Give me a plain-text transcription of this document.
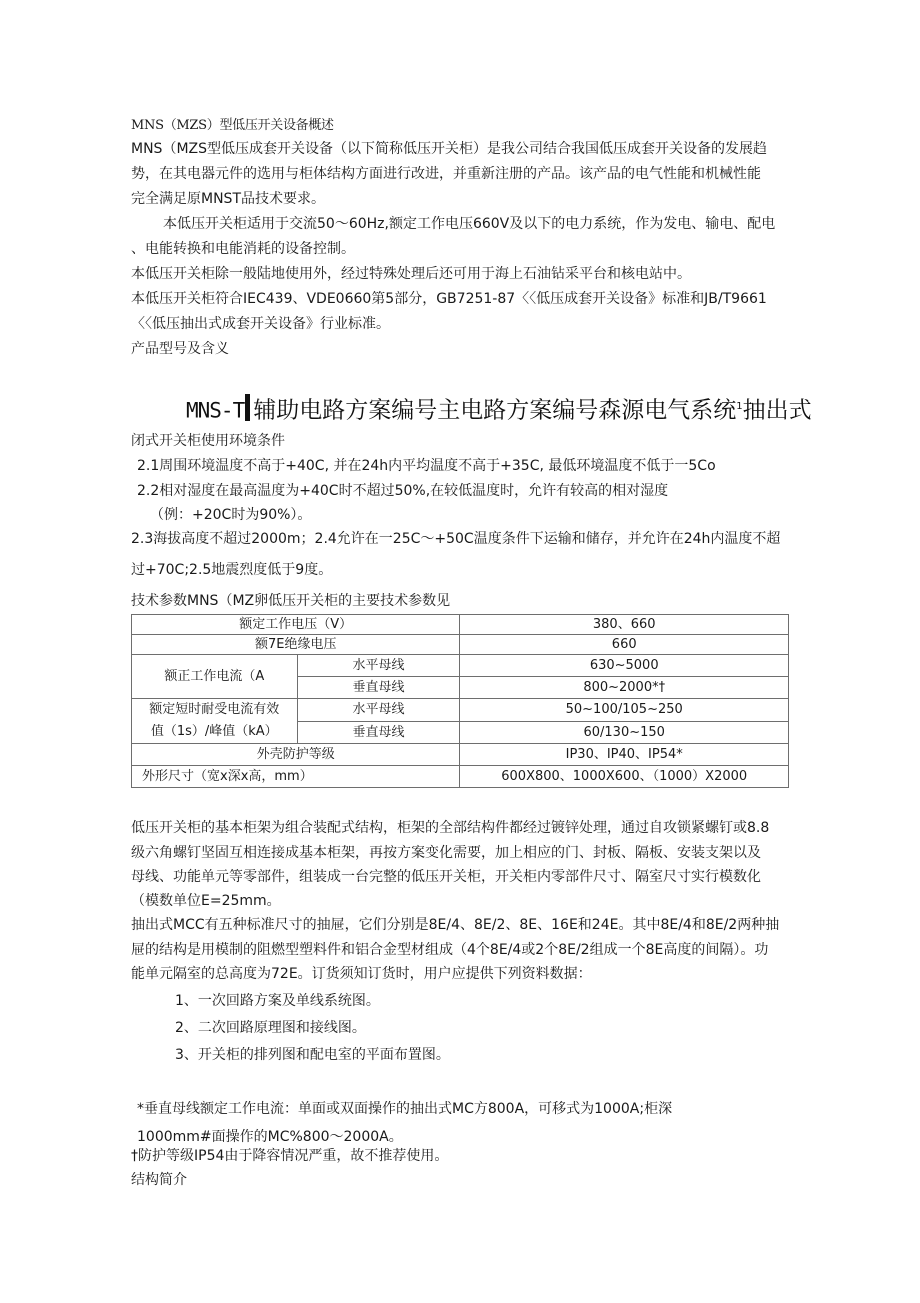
MNS（MZS）型低压开关设备概述
MNS（MZS型低压成套开关设备（以下简称低压开关柜）是我公司结合我国低压成套开关设备的发展趋
势，在其电器元件的选用与柜体结构方面进行改进，并重新注册的产品。该产品的电气性能和机械性能
完全满足原MNST品技术要求。
本低压开关柜适用于交流50～60Hz,额定工作电压660V及以下的电力系统，作为发电、输电、配电
、电能转换和电能消耗的设备控制。
本低压开关柜除一般陆地使用外，经过特殊处理后还可用于海上石油钻采平台和核电站中。
本低压开关柜符合IEC439、VDE0660第5部分，GB7251-87〈〈低压成套开关设备》标准和JB/T9661
〈〈低压抽出式成套开关设备》行业标准。
产品型号及含义
MNS-T 辅助电路方案编号主电路方案编号森源电气系统$^1$抽出式
闭式开关柜使用环境条件
2.1周围环境温度不高于+40C, 并在24h内平均温度不高于+35C, 最低环境温度不低于一5Co
2.2相对湿度在最高温度为+40C时不超过50%,在较低温度时，允许有较高的相对湿度
（例：+20C时为90%）。
2.3海拔高度不超过2000m；2.4允许在一25C～+50C温度条件下运输和储存，并允许在24h内温度不超
过+70C;2.5地震烈度低于9度。
技术参数MNS（MZ卵低压开关柜的主要技术参数见
额定工作电压（V）		380、660
额7E绝缘电压		660
额正工作电流（A	水平母线	630~5000
	垂直母线	800~2000*†

额定短时耐受电流有效
值（1s）/峰值（kA）	水平母线	50~100/105~250
	垂直母线	60/130~150
外壳防护等级		IP30、IP40、IP54*
外形尺寸（宽x深x高，mm）		600X800、1000X600、（1000）X2000
低压开关柜的基本柜架为组合装配式结构，柜架的全部结构件都经过镀锌处理，通过自攻锁紧螺钉或8.8
级六角螺钉坚固互相连接成基本柜架，再按方案变化需要，加上相应的门、封板、隔板、安装支架以及
母线、功能单元等零部件，组装成一台完整的低压开关柜，开关柜内零部件尺寸、隔室尺寸实行模数化
（模数单位E=25mm。
抽出式MCC有五种标准尺寸的抽屉，它们分别是8E/4、8E/2、8E、16E和24E。其中8E/4和8E/2两种抽
屉的结构是用模制的阻燃型塑料件和铝合金型材组成（4个8E/4或2个8E/2组成一个8E高度的间隔）。功
能单元隔室的总高度为72E。订货须知订货时，用户应提供下列资料数据：
1、一次回路方案及单线系统图。
2、二次回路原理图和接线图。
3、开关柜的排列图和配电室的平面布置图。
*垂直母线额定工作电流：单面或双面操作的抽出式MC方800A，可移式为1000A;柜深
1000mm#面操作的MC%800～2000A。
†防护等级IP54由于降容情况严重，故不推荐使用。
结构简介
